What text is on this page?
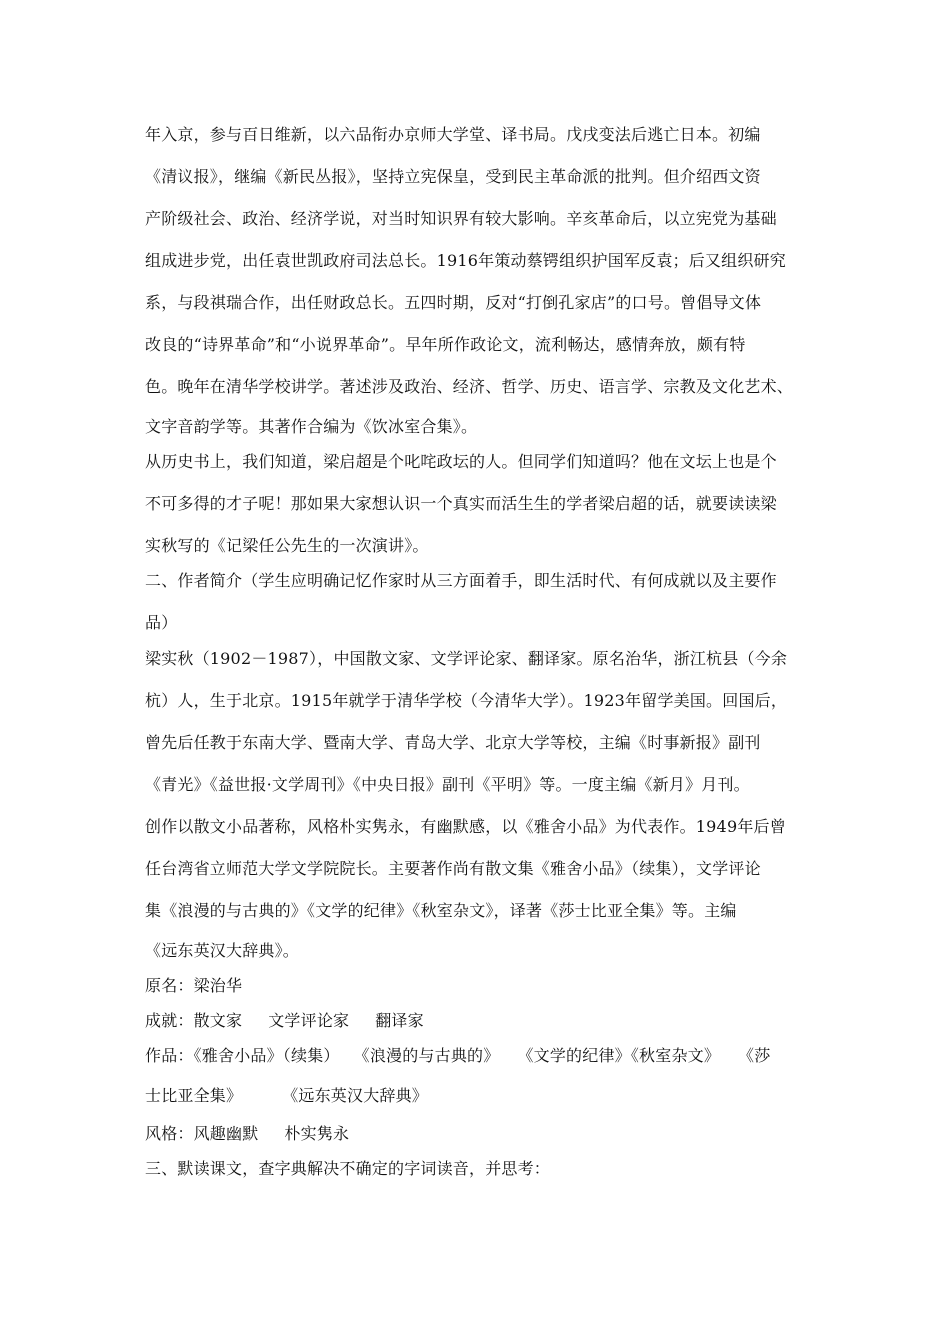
年入京，参与百日维新，以六品衔办京师大学堂、译书局。戊戌变法后逃亡日本。初编
《清议报》，继编《新民丛报》，坚持立宪保皇，受到民主革命派的批判。但介绍西文资
产阶级社会、政治、经济学说，对当时知识界有较大影响。辛亥革命后，以立宪党为基础
组成进步党，出任袁世凯政府司法总长。1916年策动蔡锷组织护国军反袁；后又组织研究
系，与段祺瑞合作，出任财政总长。五四时期，反对“打倒孔家店”的口号。曾倡导文体
改良的“诗界革命”和“小说界革命”。早年所作政论文，流利畅达，感情奔放，颇有特
色。晚年在清华学校讲学。著述涉及政治、经济、哲学、历史、语言学、宗教及文化艺术、
文字音韵学等。其著作合编为《饮冰室合集》。
从历史书上，我们知道，梁启超是个叱咤政坛的人。但同学们知道吗？他在文坛上也是个
不可多得的才子呢！那如果大家想认识一个真实而活生生的学者梁启超的话，就要读读梁
实秋写的《记梁任公先生的一次演讲》。
二、作者简介（学生应明确记忆作家时从三方面着手，即生活时代、有何成就以及主要作
品）
梁实秋（1902－1987），中国散文家、文学评论家、翻译家。原名治华，浙江杭县（今余
杭）人，生于北京。1915年就学于清华学校（今清华大学）。1923年留学美国。回国后，
曾先后任教于东南大学、暨南大学、青岛大学、北京大学等校，主编《时事新报》副刊
《青光》《益世报·文学周刊》《中央日报》副刊《平明》等。一度主编《新月》月刊。
创作以散文小品著称，风格朴实隽永，有幽默感，以《雅舍小品》为代表作。1949年后曾
任台湾省立师范大学文学院院长。主要著作尚有散文集《雅舍小品》（续集），文学评论
集《浪漫的与古典的》《文学的纪律》《秋室杂文》，译著《莎士比亚全集》等。主编
《远东英汉大辞典》。
原名：梁治华
成就：散文家 文学评论家 翻译家
作品：《雅舍小品》（续集） 《浪漫的与古典的》 《文学的纪律》《秋室杂文》 《莎
士比亚全集》	《远东英汉大辞典》
风格：风趣幽默 朴实隽永
三、默读课文，查字典解决不确定的字词读音，并思考：
